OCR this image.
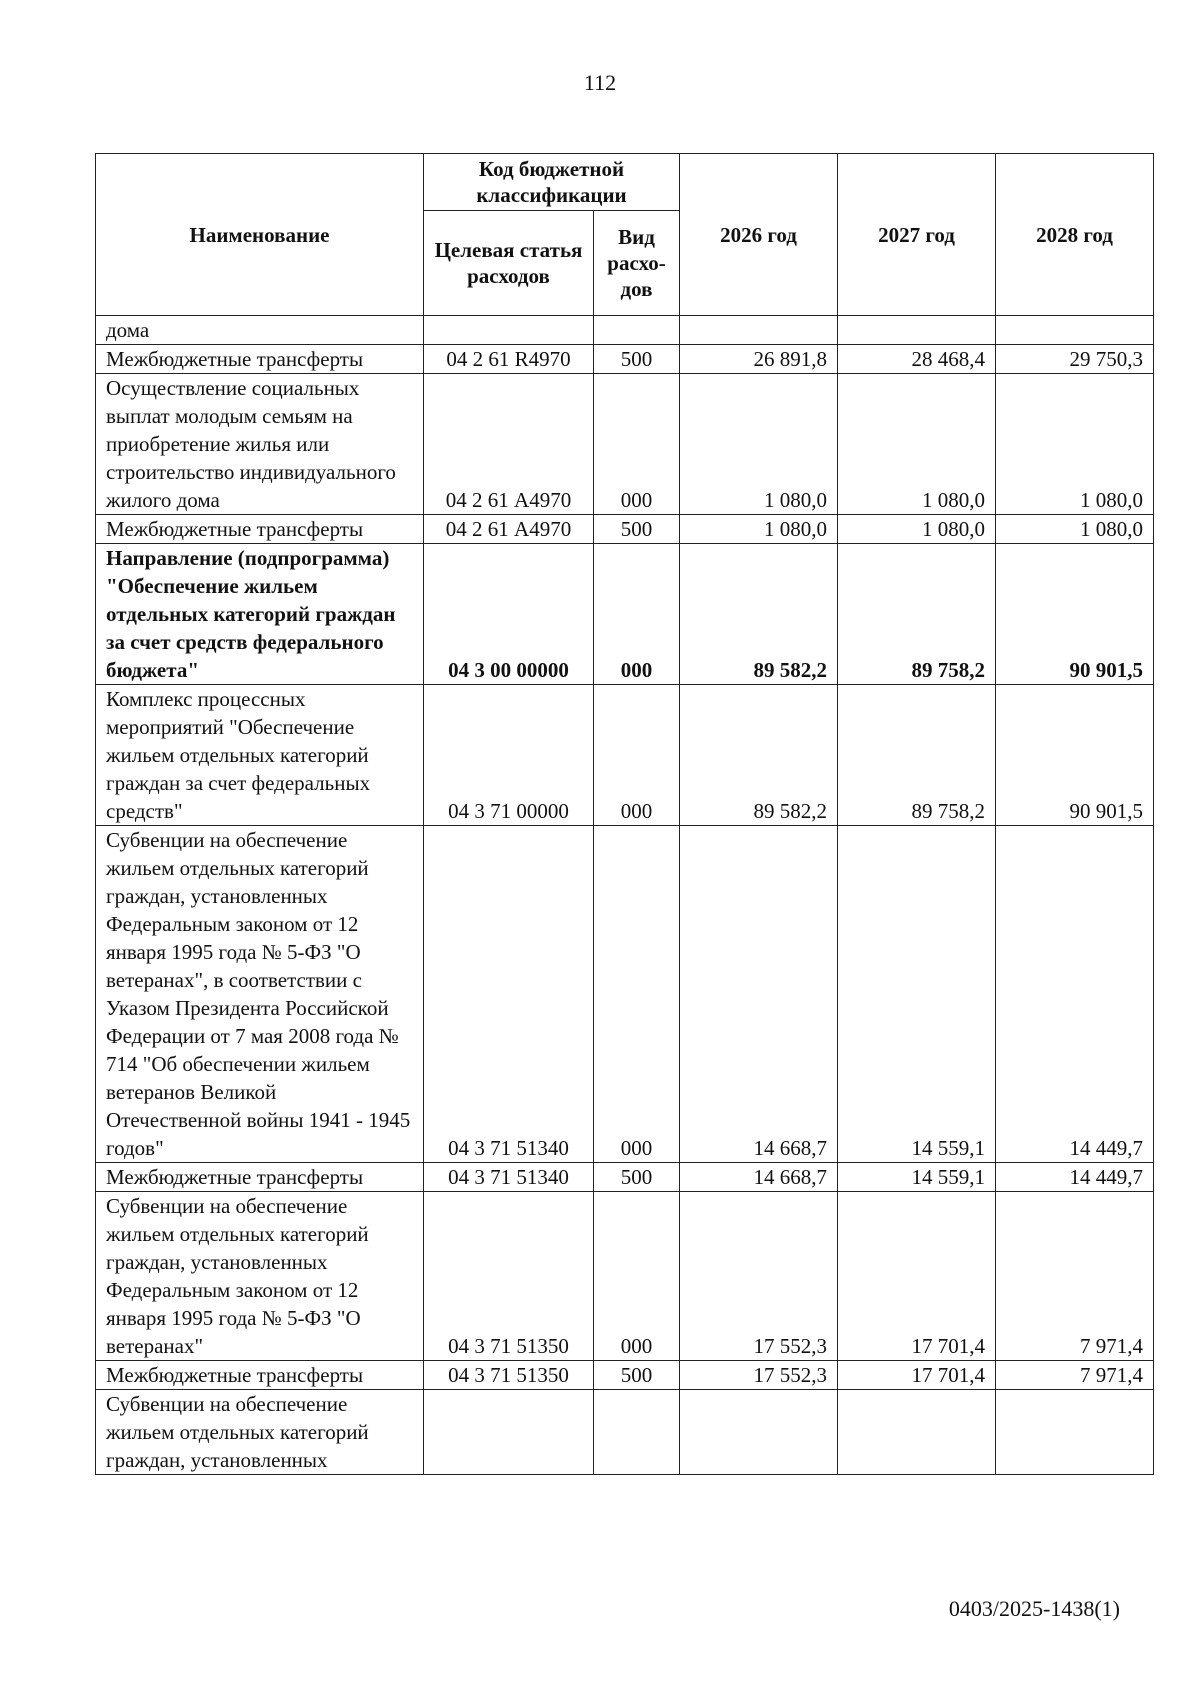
112
Наименование	Код бюджетной классификации		2026 год	2027 год	2028 год
	Целевая статья расходов	Вид расхо-дов			
дома					
Межбюджетные трансферты	04 2 61 R4970	500	26 891,8	28 468,4	29 750,3
Осуществление социальных выплат молодым семьям на приобретение жилья или строительство индивидуального жилого дома	04 2 61 А4970	000	1 080,0	1 080,0	1 080,0
Межбюджетные трансферты	04 2 61 А4970	500	1 080,0	1 080,0	1 080,0
Направление (подпрограмма) "Обеспечение жильем отдельных категорий граждан за счет средств федерального бюджета"	04 3 00 00000	000	89 582,2	89 758,2	90 901,5
Комплекс процессных мероприятий "Обеспечение жильем отдельных категорий граждан за счет федеральных средств"	04 3 71 00000	000	89 582,2	89 758,2	90 901,5
Субвенции на обеспечение жильем отдельных категорий граждан, установленных Федеральным законом от 12 января 1995 года № 5-ФЗ "О ветеранах", в соответствии с Указом Президента Российской Федерации от 7 мая 2008 года № 714 "Об обеспечении жильем ветеранов Великой Отечественной войны 1941 - 1945 годов"	04 3 71 51340	000	14 668,7	14 559,1	14 449,7
Межбюджетные трансферты	04 3 71 51340	500	14 668,7	14 559,1	14 449,7
Субвенции на обеспечение жильем отдельных категорий граждан, установленных Федеральным законом от 12 января 1995 года № 5-ФЗ "О ветеранах"	04 3 71 51350	000	17 552,3	17 701,4	7 971,4
Межбюджетные трансферты	04 3 71 51350	500	17 552,3	17 701,4	7 971,4
Субвенции на обеспечение жильем отдельных категорий граждан, установленных					
0403/2025-1438(1)
